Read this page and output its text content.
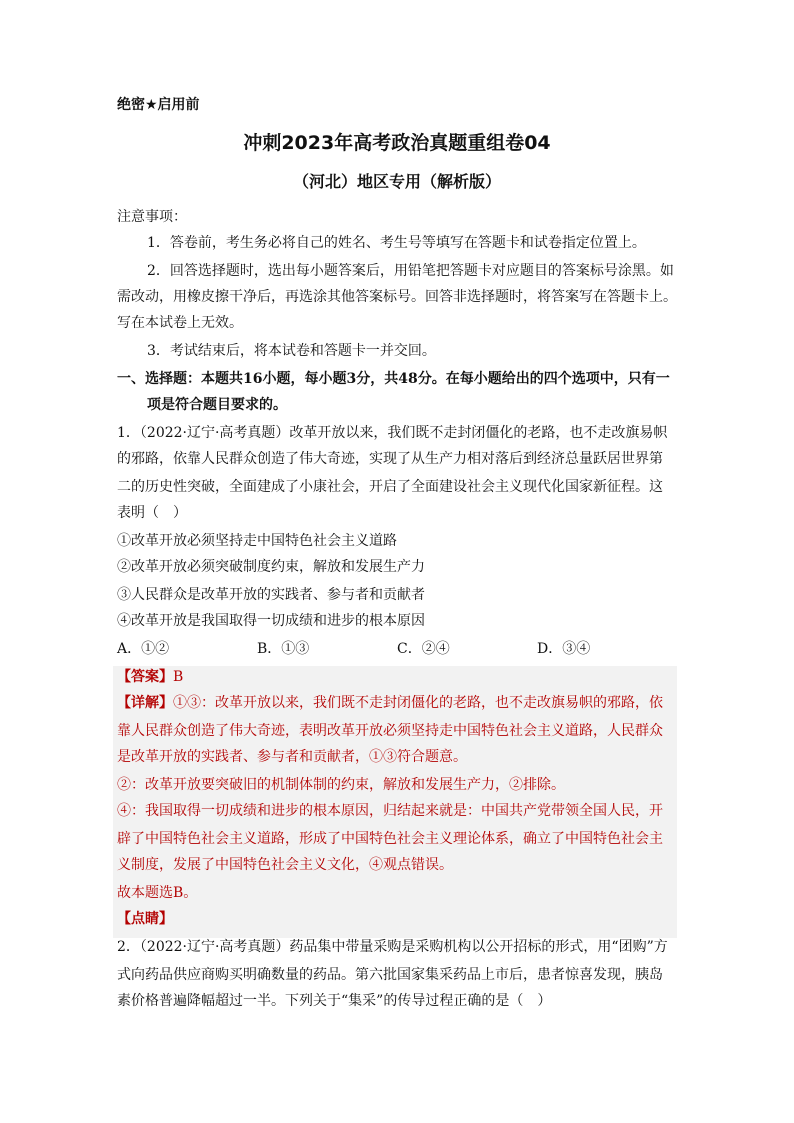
绝密★启用前
冲刺2023年高考政治真题重组卷04
（河北）地区专用（解析版）
注意事项：
1．答卷前，考生务必将自己的姓名、考生号等填写在答题卡和试卷指定位置上。
2．回答选择题时，选出每小题答案后，用铅笔把答题卡对应题目的答案标号涂黑。如
需改动，用橡皮擦干净后，再选涂其他答案标号。回答非选择题时，将答案写在答题卡上。
写在本试卷上无效。
3．考试结束后，将本试卷和答题卡一并交回。
一、选择题：本题共16小题，每小题3分，共48分。在每小题给出的四个选项中，只有一
项是符合题目要求的。
1．（2022·辽宁·高考真题）改革开放以来，我们既不走封闭僵化的老路，也不走改旗易帜
的邪路，依靠人民群众创造了伟大奇迹，实现了从生产力相对落后到经济总量跃居世界第
二的历史性突破，全面建成了小康社会，开启了全面建设社会主义现代化国家新征程。这
表明（　）
①改革开放必须坚持走中国特色社会主义道路
②改革开放必须突破制度约束，解放和发展生产力
③人民群众是改革开放的实践者、参与者和贡献者
④改革开放是我国取得一切成绩和进步的根本原因
A．①②	B．①③	C．②④	D．③④
【答案】B
【详解】①③：改革开放以来，我们既不走封闭僵化的老路，也不走改旗易帜的邪路，依
靠人民群众创造了伟大奇迹，表明改革开放必须坚持走中国特色社会主义道路，人民群众
是改革开放的实践者、参与者和贡献者，①③符合题意。
②：改革开放要突破旧的机制体制的约束，解放和发展生产力，②排除。
④：我国取得一切成绩和进步的根本原因，归结起来就是：中国共产党带领全国人民，开
辟了中国特色社会主义道路，形成了中国特色社会主义理论体系，确立了中国特色社会主
义制度，发展了中国特色社会主义文化，④观点错误。
故本题选B。
【点睛】
2．（2022·辽宁·高考真题）药品集中带量采购是采购机构以公开招标的形式，用“团购”方
式向药品供应商购买明确数量的药品。第六批国家集采药品上市后，患者惊喜发现，胰岛
素价格普遍降幅超过一半。下列关于“集采”的传导过程正确的是（　）
